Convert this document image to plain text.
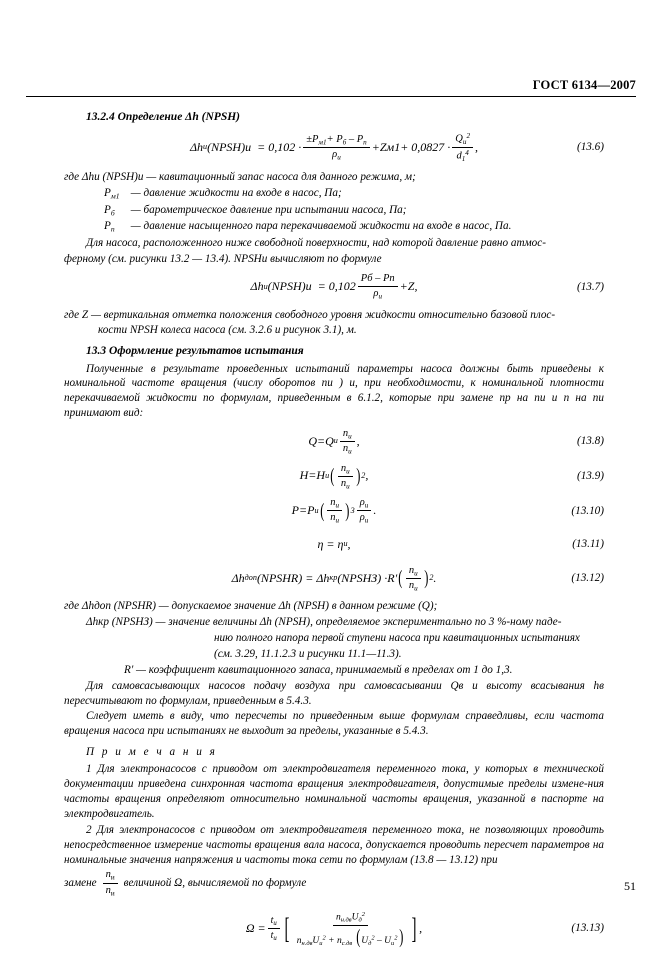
ГОСТ 6134—2007
13.2.4 Определение Δh (NPSH)
Δ h и (NPSH) $и = 0,102 \cdot \frac{\pm P_{м1}+ P_б - P_п}{\rho_и} + Z$ $м1+ 0,0827 \cdot \frac{Q_и^2}{d_1^4}$ ,	(13.6)

где Δhи (NPSH)и — кавитационный запас насоса для данного режима, м;

$Р_{м1}$ — давление жидкости на входе в насос, Па;
$Р_б$ — барометрическое давление при испытании насоса, Па;
$Р_п$ — давление насыщенного пара перекачиваемой жидкости на входе в насос, Па.

Для насоса, расположенного ниже свободной поверхности, над которой давление равно атмос-

ферному (см. рисунки 13.2 — 13.4). NPSHи вычисляют по формуле

Δ h и (NPSH) $и = 0,102 \frac{Pб - Pп}{\rho_и} + Z$ ,	(13.7)

где Z — вертикальная отметка положения свободного уровня жидкости относительно базовой плос-

кости NPSH колеса насоса (см. 3.2.6 и рисунок 3.1), м.

13.3 Оформление результатов испытания

Полученные в результате проведенных испытаний параметры насоса должны быть приведены к номинальной частоте вращения (числу оборотов nи ) и, при необходимости, к номинальной плотности перекачиваемой жидкости по формулам, приведенным в 6.1.2, которые при замене nр на nи и n на nи принимают вид:

Q = Q и $\frac{n_и}{n_и}$ ,	(13.8)
H = H и ( $\frac{n_и}{n_и}$ ) 2 ,	(13.9)
P = P и ( $\frac{n_и}{n_и}$ ) $3 \frac{\rho_и}{\rho_и}$ .	(13.10)
η = η и ,	(13.11)
Δ h доп (NPSHR) = Δ h кр (NPSHЗ) · R' ( $\frac{n_и}{n_и}$ ) 2 .	(13.12)

где Δhдоп (NPSHR) — допускаемое значение Δh (NPSH) в данном режиме (Q);

Δhкр (NPSHЗ) — значение величины Δh (NPSH), определяемое экспериментально по 3 %-ному паде-

нию полного напора первой ступени насоса при кавитационных испытаниях

(см. 3.29, 11.1.2.3 и рисунки 11.1—11.3).

R' — коэффициент кавитационного запаса, принимаемый в пределах от 1 до 1,3.

Для самовсасывающих насосов подачу воздуха при самовсасывании Qв и высоту всасывания hв пересчитывают по формулам, приведенным в 5.4.3.

Следует иметь в виду, что пересчеты по приведенным выше формулам справедливы, если частота вращения насоса при испытаниях не выходит за пределы, указанные в 5.4.3.

П р и м е ч а н и я

1 Для электронасосов с приводом от электродвигателя переменного тока, у которых в технической документации приведена синхронная частота вращения электродвигателя, допустимые пределы измене-ния частоты вращения определяют относительно номинальной частоты вращения, указанной в паспорте на электродвигатель.

2 Для электронасосов с приводом от электродвигателя переменного тока, не позволяющих проводить непосредственное измерение частоты вращения вала насоса, допускается проводить пересчет параметров на номинальные значения напряжения и частоты тока сети по формулам (13.8 — 13.12) при

замене $\frac{n_и}{n_и}$ величиной Ω, вычисляемой по формуле
$\Omega = \frac{t_и}{t_и}$ [ $\frac{n_{н.дв}U_д^2}{n_{н.дв}U_и^2 + n_{с.дв} (U_д^2 - U_и^2)}$ ] ,	(13.13)
51
